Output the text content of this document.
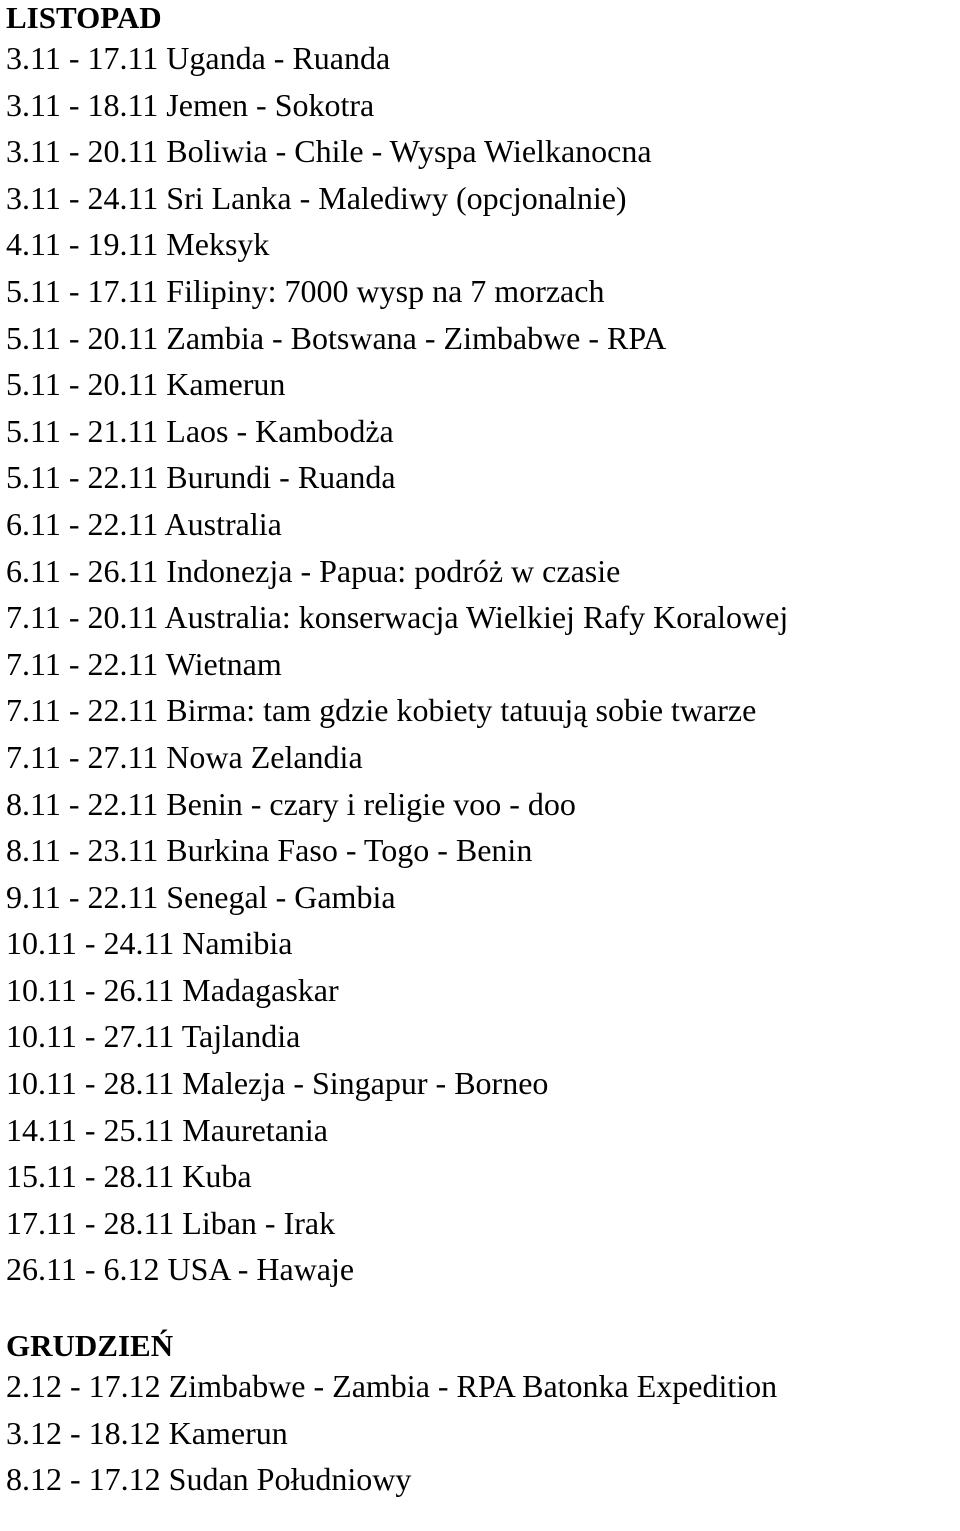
LISTOPAD
3.11 - 17.11 Uganda - Ruanda
3.11 - 18.11 Jemen - Sokotra
3.11 - 20.11 Boliwia - Chile - Wyspa Wielkanocna
3.11 - 24.11 Sri Lanka - Malediwy (opcjonalnie)
4.11 - 19.11 Meksyk
5.11 - 17.11 Filipiny: 7000 wysp na 7 morzach
5.11 - 20.11 Zambia - Botswana - Zimbabwe - RPA
5.11 - 20.11 Kamerun
5.11 - 21.11 Laos - Kambodża
5.11 - 22.11 Burundi - Ruanda
6.11 - 22.11 Australia
6.11 - 26.11 Indonezja - Papua: podróż w czasie
7.11 - 20.11 Australia: konserwacja Wielkiej Rafy Koralowej
7.11 - 22.11 Wietnam
7.11 - 22.11 Birma: tam gdzie kobiety tatuują sobie twarze
7.11 - 27.11 Nowa Zelandia
8.11 - 22.11 Benin - czary i religie voo - doo
8.11 - 23.11 Burkina Faso - Togo - Benin
9.11 - 22.11 Senegal - Gambia
10.11 - 24.11 Namibia
10.11 - 26.11 Madagaskar
10.11 - 27.11 Tajlandia
10.11 - 28.11 Malezja - Singapur - Borneo
14.11 - 25.11 Mauretania
15.11 - 28.11 Kuba
17.11 - 28.11 Liban - Irak
26.11 - 6.12 USA - Hawaje
GRUDZIEŃ
2.12 - 17.12 Zimbabwe - Zambia - RPA Batonka Expedition
3.12 - 18.12 Kamerun
8.12 - 17.12 Sudan Południowy
